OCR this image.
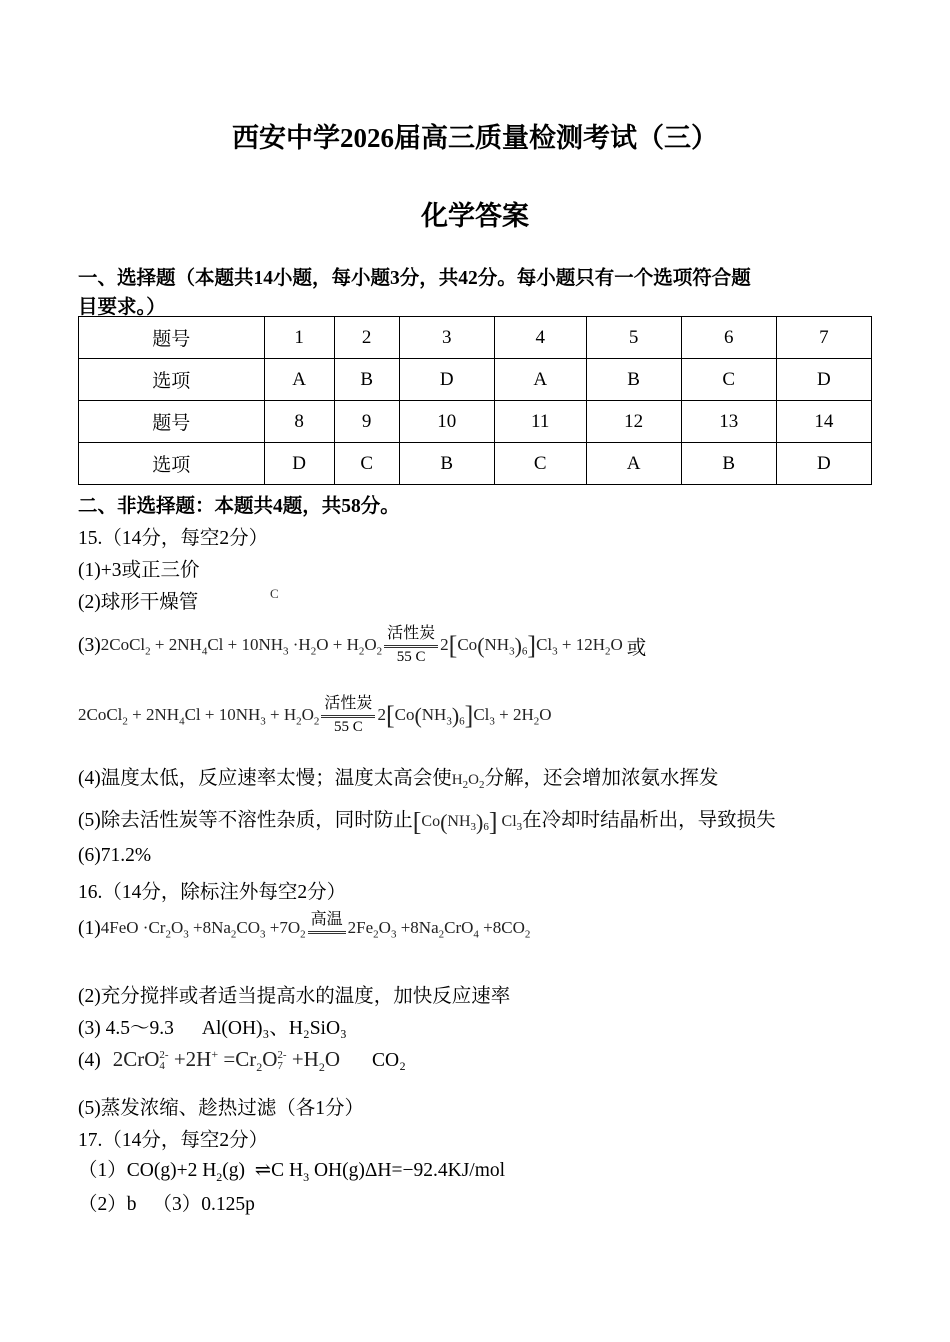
西安中学2026届高三质量检测考试（三）
化学答案
一、选择题（本题共14小题，每小题3分，共42分。每小题只有一个选项符合题
目要求。）
题号	1	2	3	4	5	6	7
选项	A	B	D	A	B	C	D
题号	8	9	10	11	12	13	14
选项	D	C	B	C	A	B	D
二、非选择题：本题共4题，共58分。
15.（14分，每空2分）
(1)+3或正三价
(2)球形干燥管	C
(3) 2CoCl$_2$ + $2NH_4Cl + 10NH_3 \cdot H_2O + H_2O_2$
活性炭
55 C
$2[Co(NH_3)_6]Cl_3 + 12H_2O$ 或
2CoCl$_2$ + $2NH_4Cl + 10NH_3 + H_2O_2$
活性炭
55 C
$2[Co(NH_3)_6]Cl_3 + 2H_2O$
(4)温度太低，反应速率太慢；温度太高会使$H_2O_2$分解，还会增加浓氨水挥发
(5)除去活性炭等不溶性杂质，同时防止$[Co(NH_3)_6]$ $Cl_3$在冷却时结晶析出，导致损失
(6)71.2%
16.（14分，除标注外每空2分）
(1) $4FeO \cdot Cr_2O_3 +8Na_2CO_3 +7O_2$
高温 $2Fe_2O_3 +8Na_2CrO_4 +8CO_2$
(2)充分搅拌或者适当提高水的温度，加快反应速率
(3) 4.5～9.3 Al(OH)₃、H₂SiO₃
(4) 2CrO 2-
$4 +2H^+ =Cr_2O$ 2-
$7 +H_2O$ CO₂
(5)蒸发浓缩、趁热过滤（各1分）
17.（14分，每空2分）
（1）CO(g)+2 $H_2(g)$  ⇌C $H_3$ OH(g)ΔH=−92.4KJ/mol
（2）b （3）0.125p
